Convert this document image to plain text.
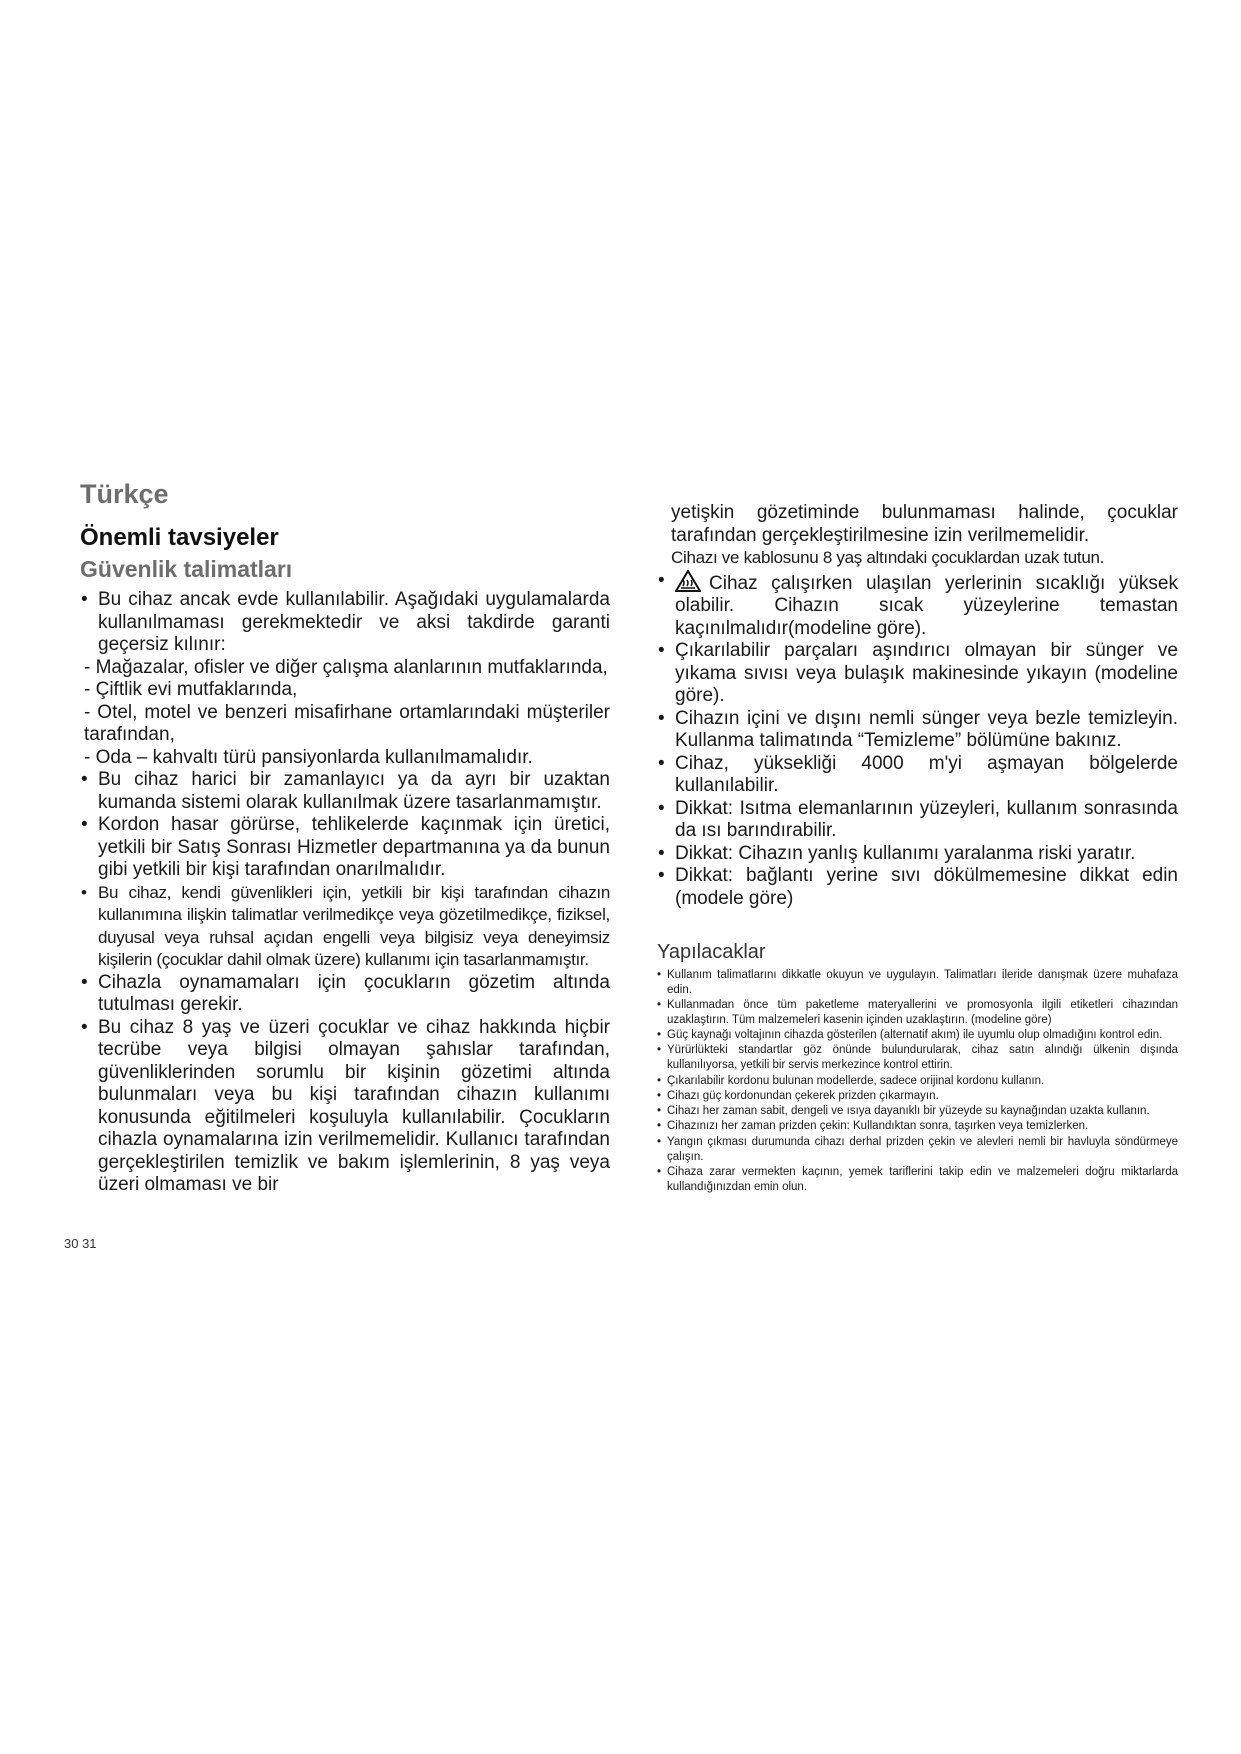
Türkçe
Önemli tavsiyeler
Güvenlik talimatları

• Bu cihaz ancak evde kullanılabilir. Aşağıdaki uygulamalarda kullanılmaması gerekmektedir ve aksi takdirde garanti geçersiz kılınır:

- Mağazalar, ofisler ve diğer çalışma alanlarının mutfaklarında,

- Çiftlik evi mutfaklarında,

- Otel, motel ve benzeri misafirhane ortamlarındaki müşteriler tarafından,

- Oda – kahvaltı türü pansiyonlarda kullanılmamalıdır.

• Bu cihaz harici bir zamanlayıcı ya da ayrı bir uzaktan kumanda sistemi olarak kullanılmak üzere tasarlanmamıştır.

• Kordon hasar görürse, tehlikelerde kaçınmak için üretici, yetkili bir Satış Sonrası Hizmetler departmanına ya da bunun gibi yetkili bir kişi tarafından onarılmalıdır.

• Bu cihaz, kendi güvenlikleri için, yetkili bir kişi tarafından cihazın kullanımına ilişkin talimatlar verilmedikçe veya gözetilmedikçe, fiziksel, duyusal veya ruhsal açıdan engelli veya bilgisiz veya deneyimsiz kişilerin (çocuklar dahil olmak üzere) kullanımı için tasarlanmamıştır.

• Cihazla oynamamaları için çocukların gözetim altında tutulması gerekir.

• Bu cihaz 8 yaş ve üzeri çocuklar ve cihaz hakkında hiçbir tecrübe veya bilgisi olmayan şahıslar tarafından, güvenliklerinden sorumlu bir kişinin gözetimi altında bulunmaları veya bu kişi tarafından cihazın kullanımı konusunda eğitilmeleri koşuluyla kullanılabilir. Çocukların cihazla oynamalarına izin verilmemelidir. Kullanıcı tarafından gerçekleştirilen temizlik ve bakım işlemlerinin, 8 yaş veya üzeri olmaması ve bir

yetişkin gözetiminde bulunmaması halinde, çocuklar tarafından gerçekleştirilmesine izin verilmemelidir.

Cihazı ve kablosunu 8 yaş altındaki çocuklardan uzak tutun.

• Cihaz çalışırken ulaşılan yerlerinin sıcaklığı yüksek olabilir. Cihazın sıcak yüzeylerine temastan kaçınılmalıdır(modeline göre).

• Çıkarılabilir parçaları aşındırıcı olmayan bir sünger ve yıkama sıvısı veya bulaşık makinesinde yıkayın (modeline göre).

• Cihazın içini ve dışını nemli sünger veya bezle temizleyin. Kullanma talimatında “Temizleme” bölümüne bakınız.

• Cihaz, yüksekliği 4000 m'yi aşmayan bölgelerde kullanılabilir.

• Dikkat: Isıtma elemanlarının yüzeyleri, kullanım sonrasında da ısı barındırabilir.

• Dikkat: Cihazın yanlış kullanımı yaralanma riski yaratır.

• Dikkat: bağlantı yerine sıvı dökülmemesine dikkat edin (modele göre)

Yapılacaklar

• Kullanım talimatlarını dikkatle okuyun ve uygulayın. Talimatları ileride danışmak üzere muhafaza edin.

• Kullanmadan önce tüm paketleme materyallerini ve promosyonla ilgili etiketleri cihazından uzaklaştırın. Tüm malzemeleri kasenin içinden uzaklaştırın. (modeline göre)

• Güç kaynağı voltajının cihazda gösterilen (alternatif akım) ile uyumlu olup olmadığını kontrol edin.

• Yürürlükteki standartlar göz önünde bulundurularak, cihaz satın alındığı ülkenin dışında kullanılıyorsa, yetkili bir servis merkezince kontrol ettirin.

• Çıkarılabilir kordonu bulunan modellerde, sadece orijinal kordonu kullanın.

• Cihazı güç kordonundan çekerek prizden çıkarmayın.

• Cihazı her zaman sabit, dengeli ve ısıya dayanıklı bir yüzeyde su kaynağından uzakta kullanın.

• Cihazınızı her zaman prizden çekin: Kullandıktan sonra, taşırken veya temizlerken.

• Yangın çıkması durumunda cihazı derhal prizden çekin ve alevleri nemli bir havluyla söndürmeye çalışın.

• Cihaza zarar vermekten kaçının, yemek tariflerini takip edin ve malzemeleri doğru miktarlarda kullandığınızdan emin olun.

30 31
